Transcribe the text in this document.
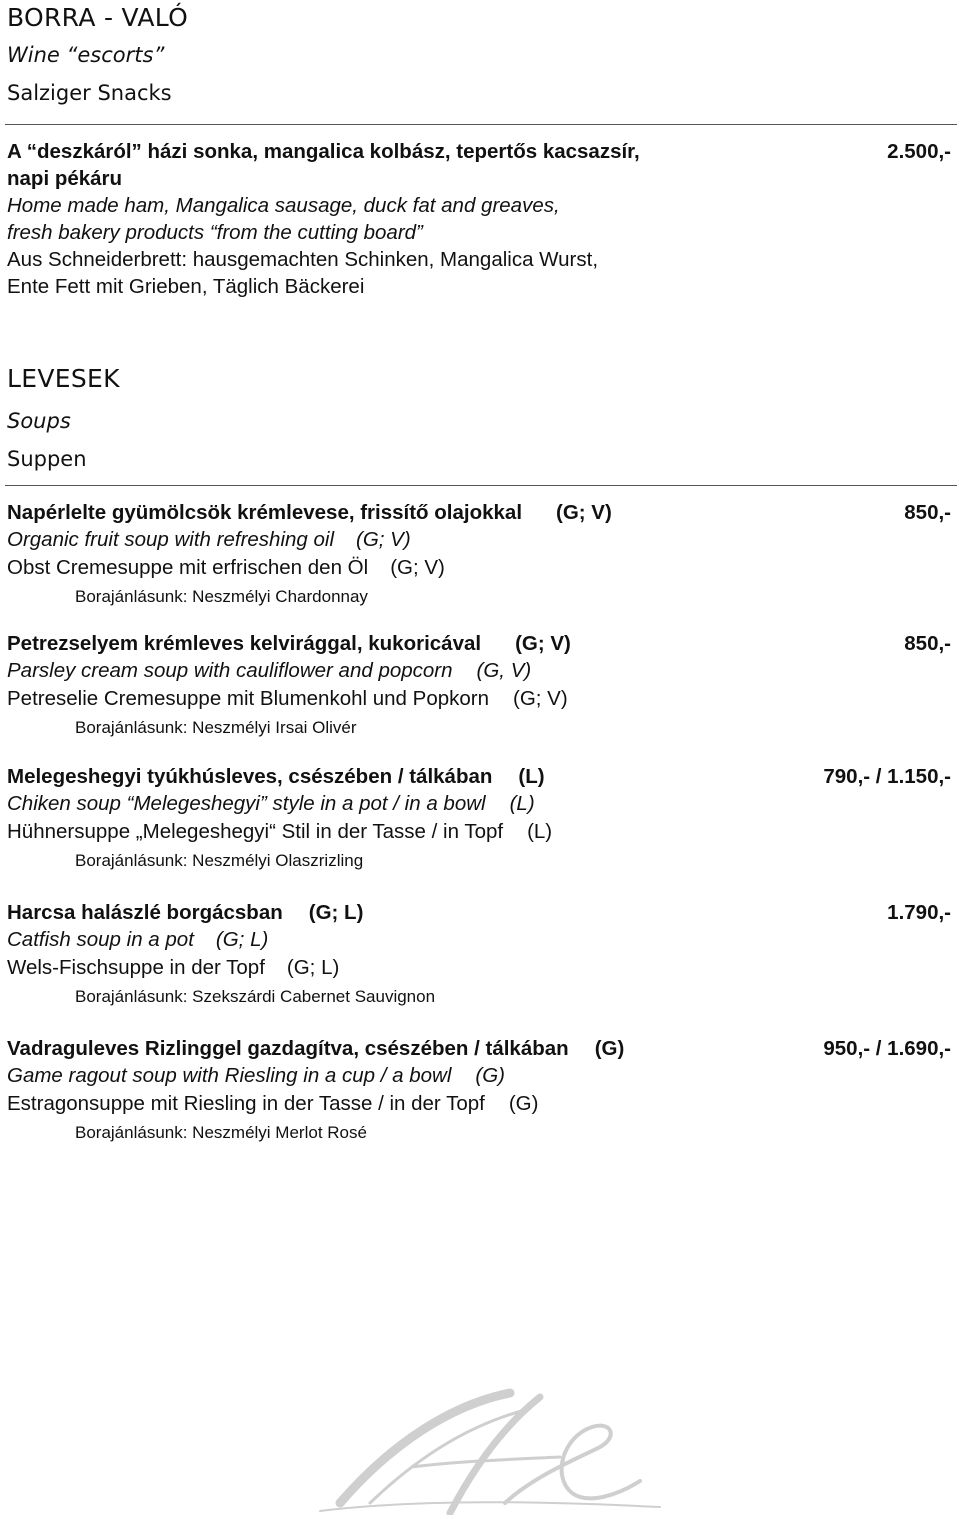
BORRA - VALÓ
Wine “escorts”
Salziger Snacks
A “deszkáról” házi sonka, mangalica kolbász, tepertős kacsazsír,	2.500,-
napi pékáru
Home made ham, Mangalica sausage, duck fat and greaves,
fresh bakery products “from the cutting board”
Aus Schneiderbrett: hausgemachten Schinken, Mangalica Wurst,
Ente Fett mit Grieben, Täglich Bäckerei
LEVESEK
Soups
Suppen
Napérlelte gyümölcsök krémlevese, frissítő olajokkal (G; V)	850,-
Organic fruit soup with refreshing oil (G; V)
Obst Cremesuppe mit erfrischen den Öl (G; V)
Borajánlásunk: Neszmélyi Chardonnay
Petrezselyem krémleves kelvirággal, kukoricával (G; V)	850,-
Parsley cream soup with cauliflower and popcorn (G, V)
Petreselie Cremesuppe mit Blumenkohl und Popkorn (G; V)
Borajánlásunk: Neszmélyi Irsai Olivér
Melegeshegyi tyúkhúsleves, csészében / tálkában (L)	790,- / 1.150,-
Chiken soup “Melegeshegyi” style in a pot / in a bowl (L)
Hühnersuppe „Melegeshegyi“ Stil in der Tasse / in Topf (L)
Borajánlásunk: Neszmélyi Olaszrizling
Harcsa halászlé borgácsban (G; L)	1.790,-
Catfish soup in a pot (G; L)
Wels-Fischsuppe in der Topf (G; L)
Borajánlásunk: Szekszárdi Cabernet Sauvignon
Vadraguleves Rizlinggel gazdagítva, csészében / tálkában (G)	950,- / 1.690,-
Game ragout soup with Riesling in a cup / a bowl (G)
Estragonsuppe mit Riesling in der Tasse / in der Topf (G)
Borajánlásunk: Neszmélyi Merlot Rosé
